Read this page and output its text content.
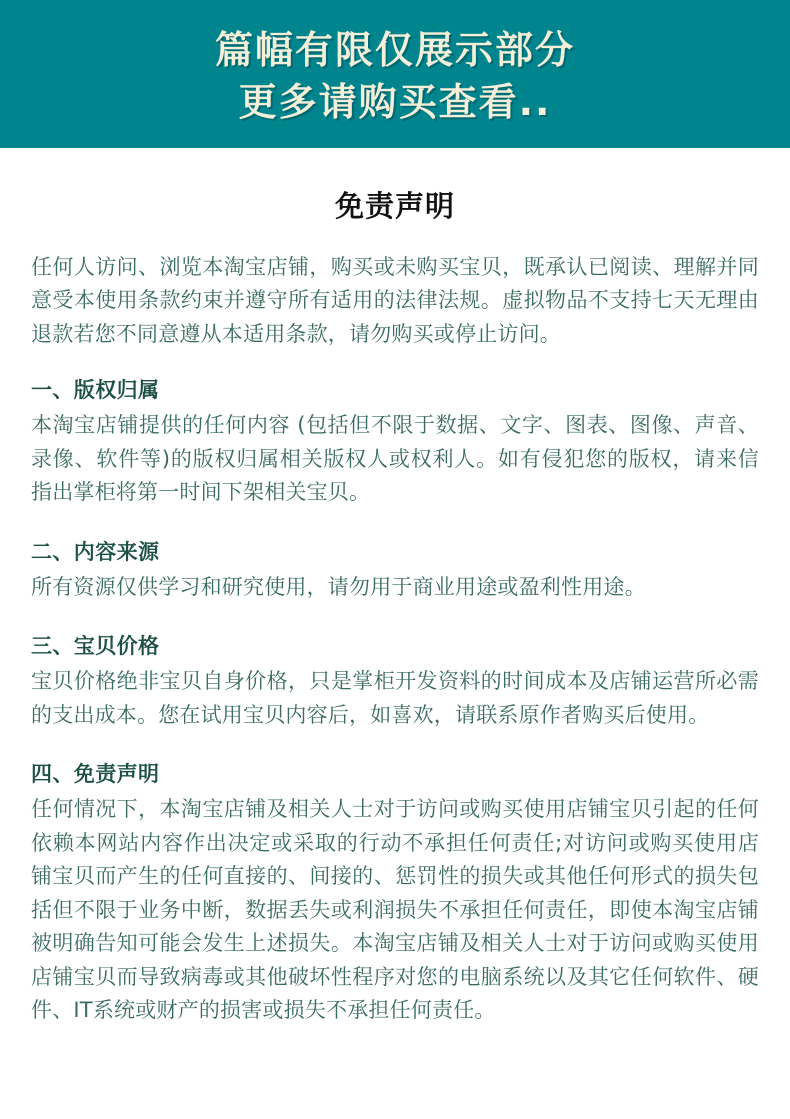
篇幅有限仅展示部分
更多请购买查看..
免责声明

任何人访问、浏览本淘宝店铺，购买或未购买宝贝，既承认已阅读、理解并同意受本使用条款约束并遵守所有适用的法律法规。虚拟物品不支持七天无理由退款若您不同意遵从本适用条款，请勿购买或停止访问。

一、版权归属

本淘宝店铺提供的任何内容 (包括但不限于数据、文字、图表、图像、声音、录像、软件等)的版权归属相关版权人或权利人。如有侵犯您的版权，请来信指出掌柜将第一时间下架相关宝贝。

二、内容来源

所有资源仅供学习和研究使用，请勿用于商业用途或盈利性用途。

三、宝贝价格

宝贝价格绝非宝贝自身价格，只是掌柜开发资料的时间成本及店铺运营所必需的支出成本。您在试用宝贝内容后，如喜欢，请联系原作者购买后使用。

四、免责声明

任何情况下，本淘宝店铺及相关人士对于访问或购买使用店铺宝贝引起的任何依赖本网站内容作出决定或采取的行动不承担任何责任;对访问或购买使用店铺宝贝而产生的任何直接的、间接的、惩罚性的损失或其他任何形式的损失包括但不限于业务中断，数据丢失或利润损失不承担任何责任，即使本淘宝店铺被明确告知可能会发生上述损失。本淘宝店铺及相关人士对于访问或购买使用店铺宝贝而导致病毒或其他破坏性程序对您的电脑系统以及其它任何软件、硬件、IT系统或财产的损害或损失不承担任何责任。
